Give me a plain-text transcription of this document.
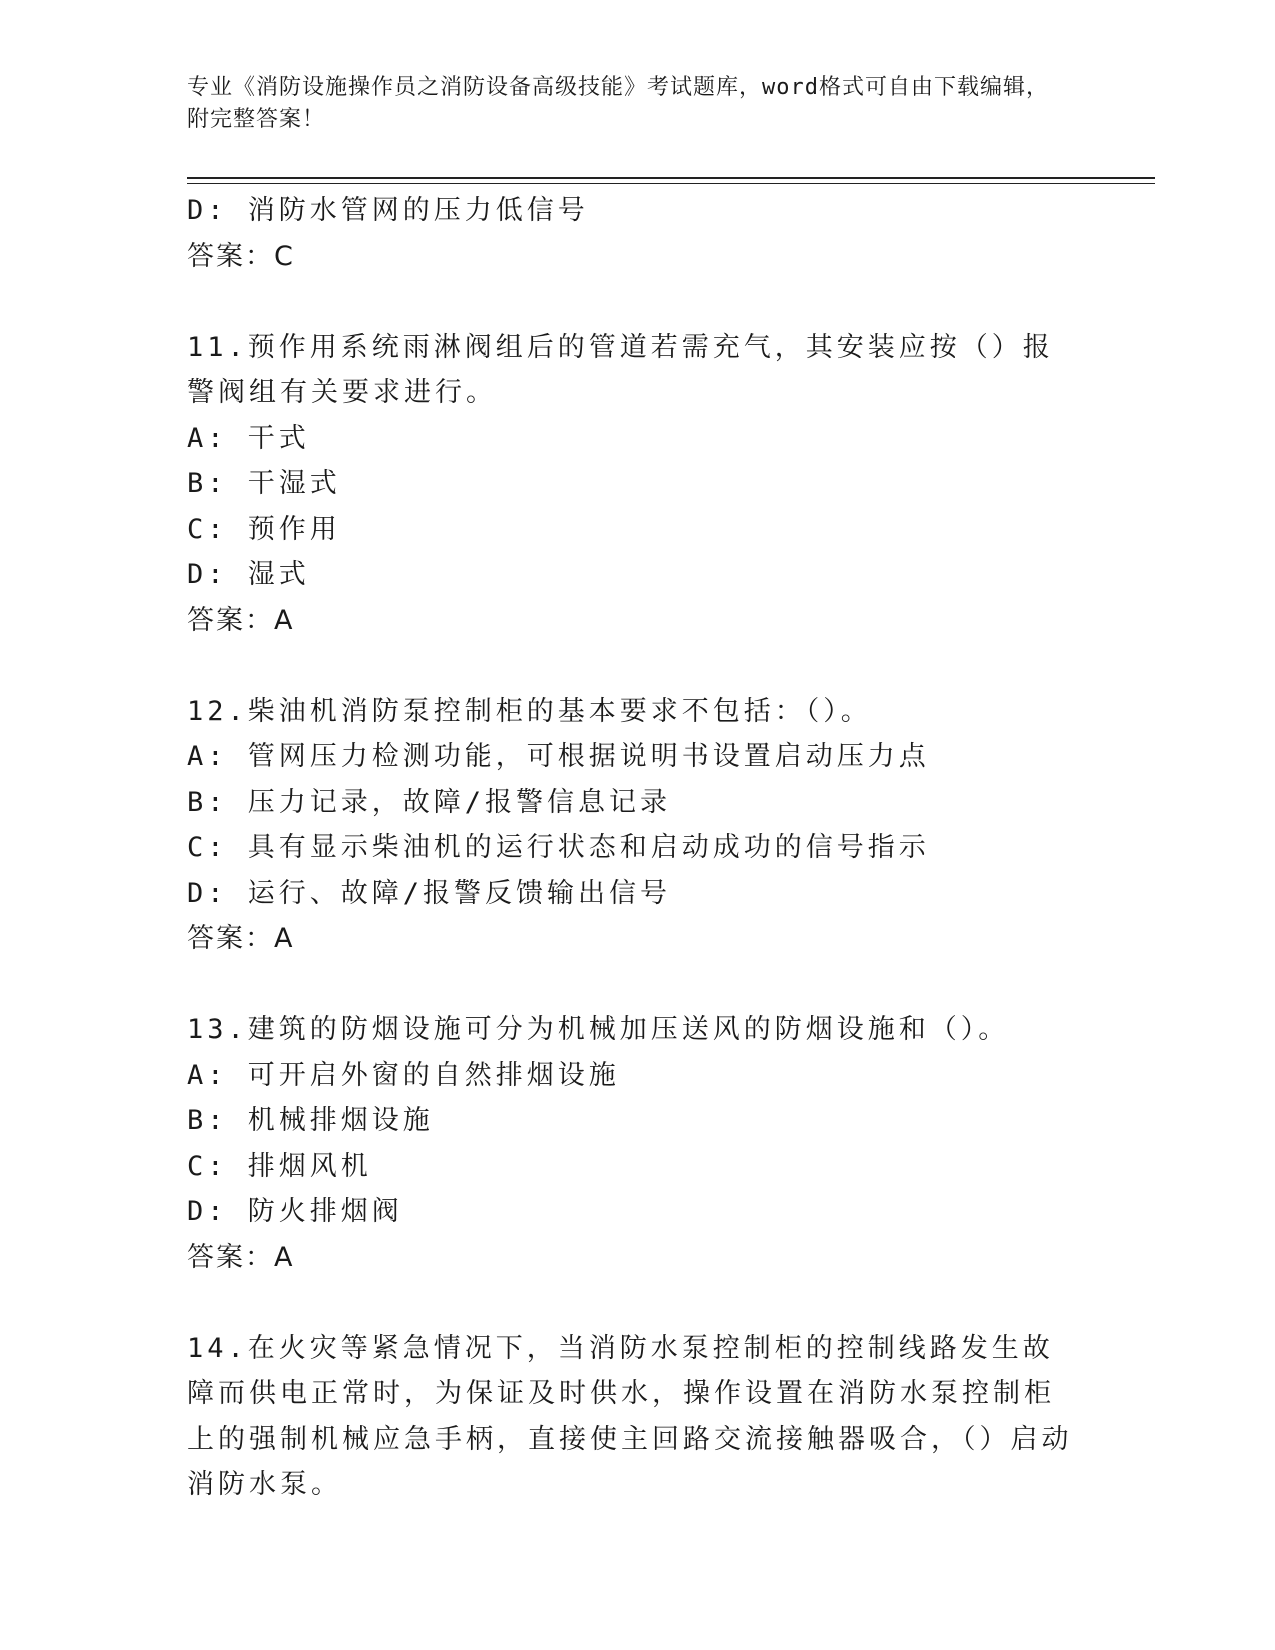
专业《消防设施操作员之消防设备高级技能》考试题库，word格式可自由下载编辑，附完整答案！
D: 消防水管网的压力低信号
答案：C
11.预作用系统雨淋阀组后的管道若需充气，其安装应按（）报警阀组有关要求进行。
A: 干式
B: 干湿式
C: 预作用
D: 湿式
答案：A
12.柴油机消防泵控制柜的基本要求不包括：（）。
A: 管网压力检测功能，可根据说明书设置启动压力点
B: 压力记录，故障/报警信息记录
C: 具有显示柴油机的运行状态和启动成功的信号指示
D: 运行、故障/报警反馈输出信号
答案：A
13.建筑的防烟设施可分为机械加压送风的防烟设施和（）。
A: 可开启外窗的自然排烟设施
B: 机械排烟设施
C: 排烟风机
D: 防火排烟阀
答案：A
14.在火灾等紧急情况下，当消防水泵控制柜的控制线路发生故障而供电正常时，为保证及时供水，操作设置在消防水泵控制柜上的强制机械应急手柄，直接使主回路交流接触器吸合，（）启动消防水泵。
